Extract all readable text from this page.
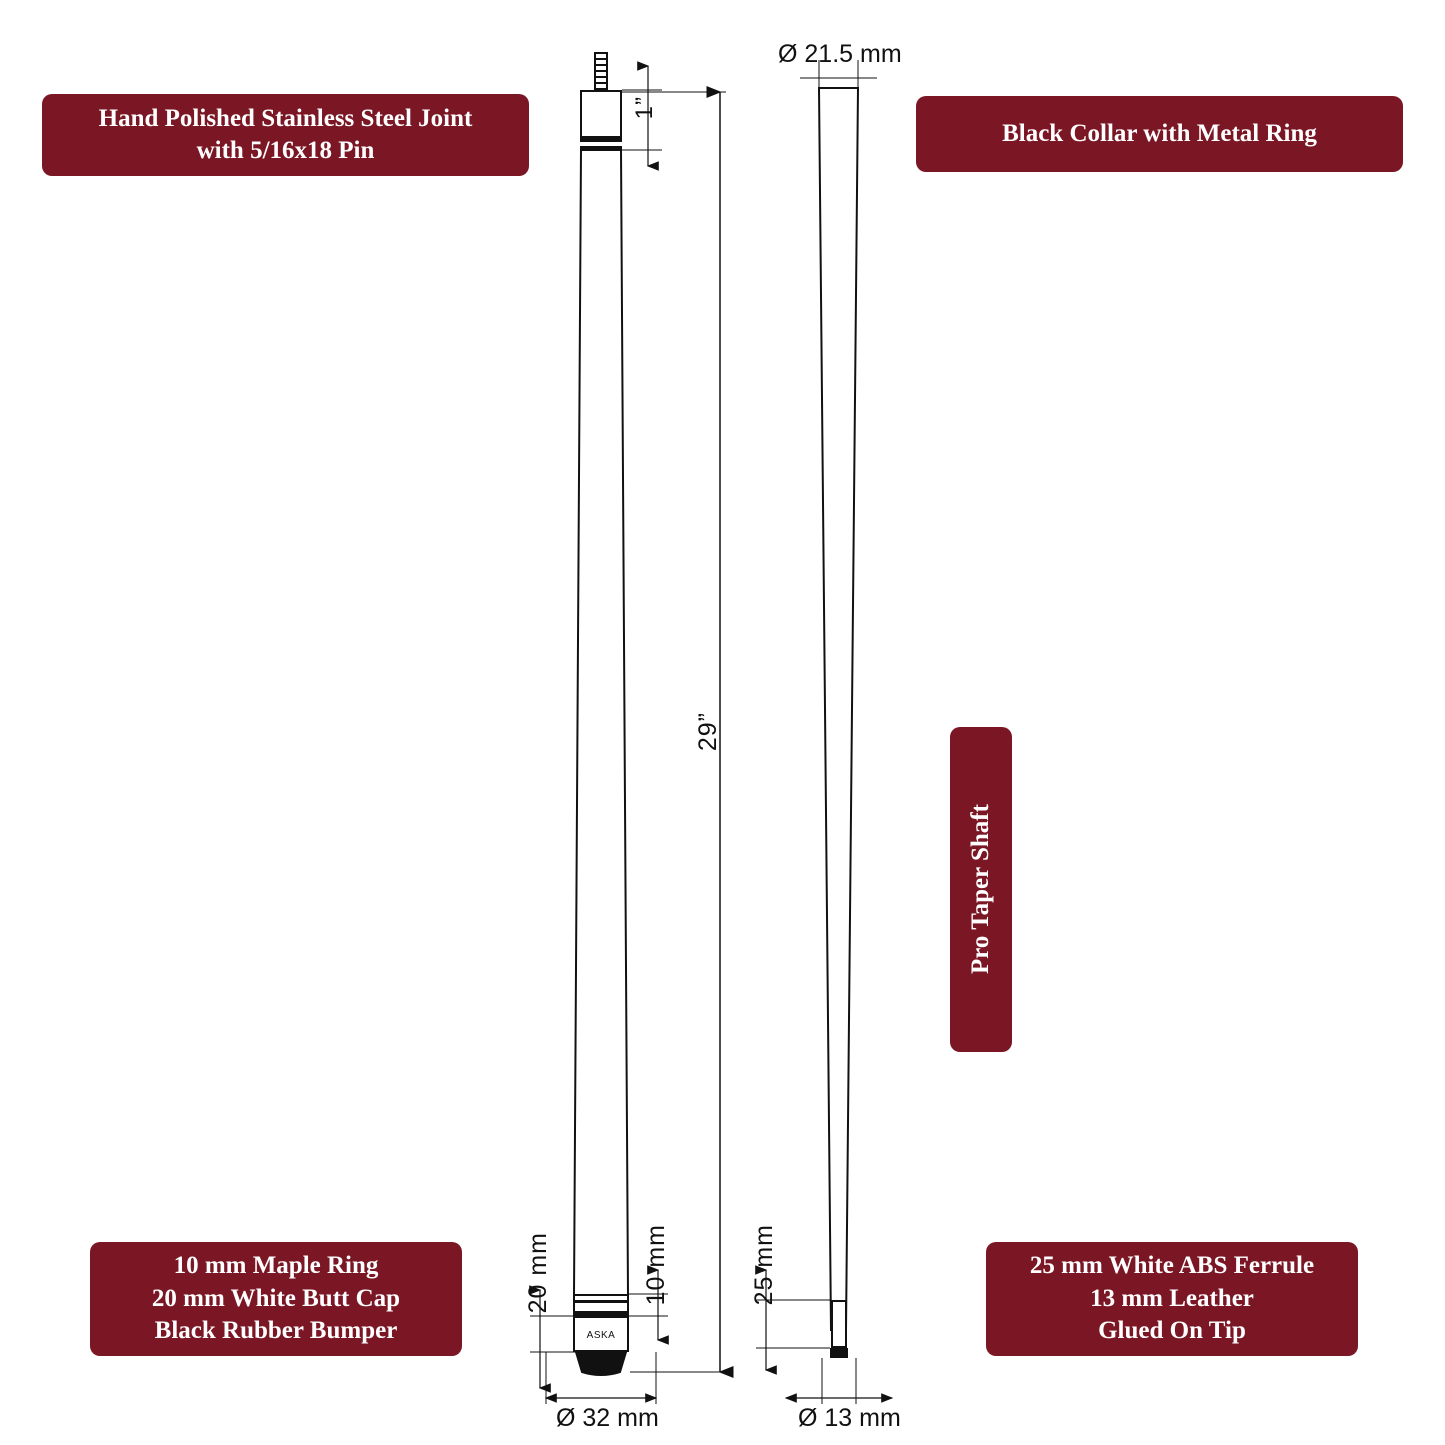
Hand Polished Stainless Steel Joint
with 5/16x18 Pin
Black Collar with Metal Ring
10 mm Maple Ring
20 mm White Butt Cap
Black Rubber Bumper
25 mm White ABS Ferrule
13 mm Leather
Glued On Tip
Pro Taper Shaft
ASKA
Ø 21.5 mm
29”
1”
20 mm	10 mm	25 mm
Ø 32 mm	Ø 13 mm
